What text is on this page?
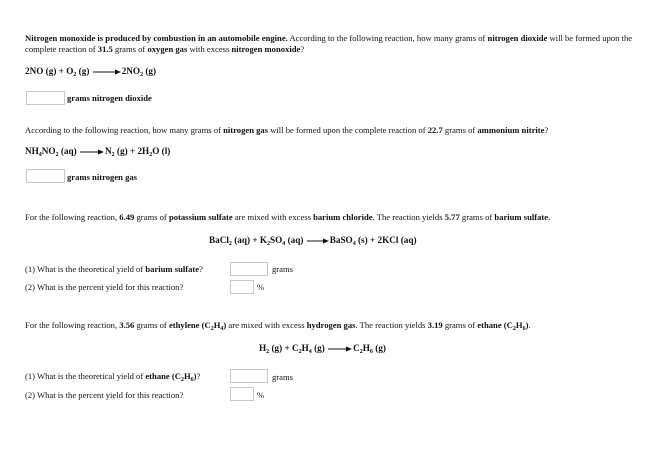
Nitrogen monoxide is produced by combustion in an automobile engine. According to the following reaction, how many grams of nitrogen dioxide will be formed upon the complete reaction of 31.5 grams of oxygen gas with excess nitrogen monoxide?
2NO $(g) + O_2$ $(g) \to 2NO_2$ (g)
grams nitrogen dioxide
According to the following reaction, how many grams of nitrogen gas will be formed upon the complete reaction of 22.7 grams of ammonium nitrite?
$NH_4NO_2$ $(aq) \to N_2$ $(g) + 2H_2O$ (l)
grams nitrogen gas
For the following reaction, 6.49 grams of potassium sulfate are mixed with excess barium chloride. The reaction yields 5.77 grams of barium sulfate.
BaCl$_2$ $(aq) + K_2SO_4$ (aq) →BaSO$_4$ (s) + 2KCl (aq)
(1) What is the theoretical yield of barium sulfate?	grams
(2) What is the percent yield for this reaction?	%
For the following reaction, 3.56 grams of ethylene $(C_2H_4)$ are mixed with excess hydrogen gas. The reaction yields 3.19 grams of ethane $(C_2H_6)$.
$H_2$ $(g) + C_2H_4$ $(g) \to C_2H_6$ (g)
(1) What is the theoretical yield of ethane $(C_2H_6)$?	grams
(2) What is the percent yield for this reaction?	%
